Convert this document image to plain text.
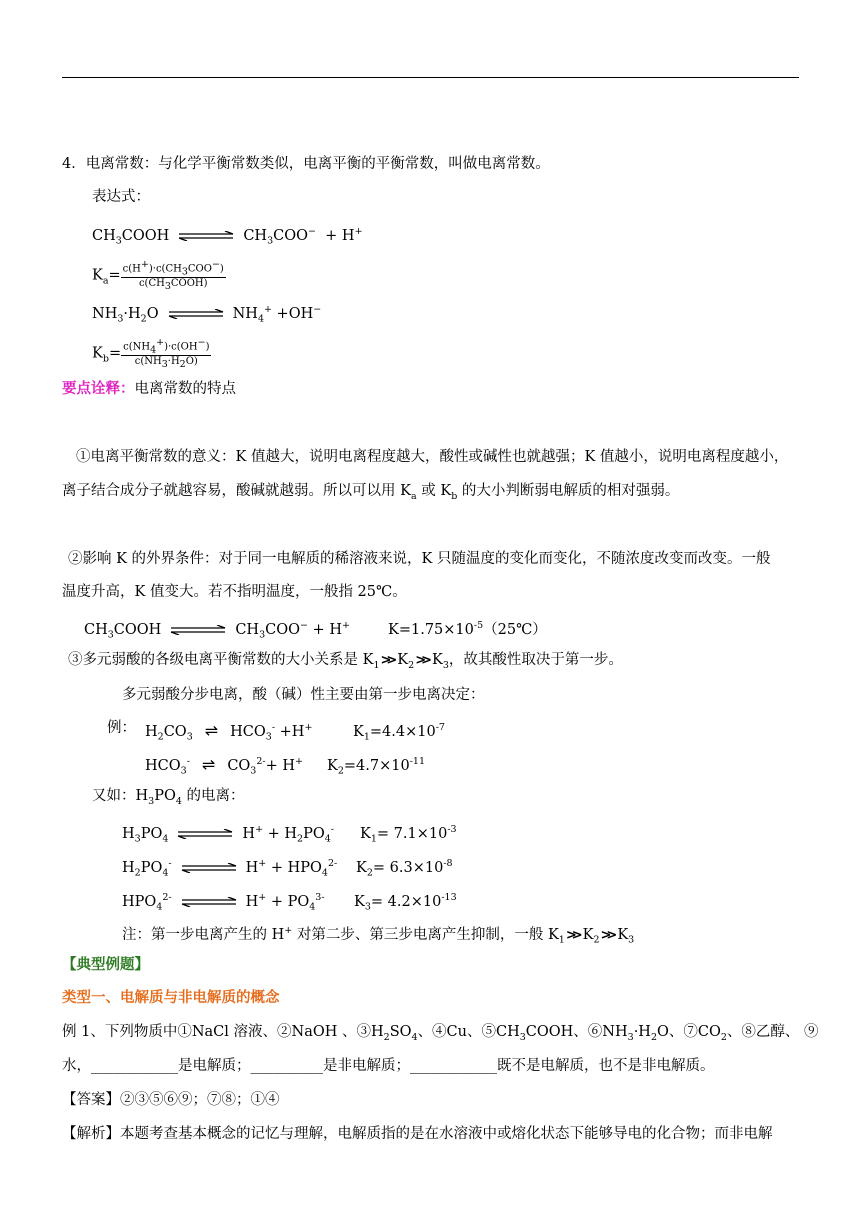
4．电离常数：与化学平衡常数类似，电离平衡的平衡常数，叫做电离常数。
表达式：
$CH_3COOH$ ⇌ $CH_3COO^- + H^+$
$K_a= \frac{c(H^+)\cdot c(CH_3COO^-)}{c(CH_3COOH)}$
$NH_3\cdot H_2O$ ⇌ $NH_4^+ +OH^-$
$K_b= \frac{c(NH_4^+)\cdot c(OH^-)}{c(NH_3\cdot H_2O)}$
要点诠释：电离常数的特点
①电离平衡常数的意义：K 值越大，说明电离程度越大，酸性或碱性也就越强；K 值越小，说明电离程度越小，
离子结合成分子就越容易，酸碱就越弱。所以可以用 $K_a$ 或 $K_b$ 的大小判断弱电解质的相对强弱。
②影响 K 的外界条件：对于同一电解质的稀溶液来说，K 只随温度的变化而变化，不随浓度改变而改变。一般
温度升高，K 值变大。若不指明温度，一般指 25℃。
$CH_3COOH$ ⇌ $CH_3COO^- + H^+$	$K=1.75\times 10^{-5}(25℃)$
③多元弱酸的各级电离平衡常数的大小关系是 $K_1>> K_2>> K_3$，故其酸性取决于第一步。
多元弱酸分步电离，酸（碱）性主要由第一步电离决定：
例： $H_2CO_3$ ⇌ $HCO_3^- +H^+$	$K_1=4.4\times 10^{-7}$
$HCO_3^-$ ⇌ $CO_3^{2-}+ H^+$ $K_2=4.7\times 10^{-11}$
又如：$H_3PO_4$ 的电离：
$H_3PO_4$ ⇌ $H^+ + H_2PO_4^-$ $K_1= 7.1\times 10^{-3}$
$H_2PO_4^-$ ⇌ $H^+ + HPO_4^{2-}$ $K_2= 6.3\times 10^{-8}$
$HPO_4^{2-}$ ⇌ $H^+ + PO_4^{3-}$ $K_3= 4.2\times 10^{-13}$
注：第一步电离产生的 H+ 对第二步、第三步电离产生抑制，一般 $K_1>> K_2>> K_3$
【典型例题】
类型一、电解质与非电解质的概念
例 1、下列物质中①NaCl 溶液、②NaOH 、$③H_2SO_4$、④Cu、$⑤CH_3COOH$、$⑥NH_3\cdot H_2O$、$⑦CO_2$、⑧乙醇、 ⑨
水，____________是电解质；__________是非电解质；____________既不是电解质，也不是非电解质。
【答案】②③⑤⑥⑨；⑦⑧；①④
【解析】本题考查基本概念的记忆与理解，电解质指的是在水溶液中或熔化状态下能够导电的化合物；而非电解
